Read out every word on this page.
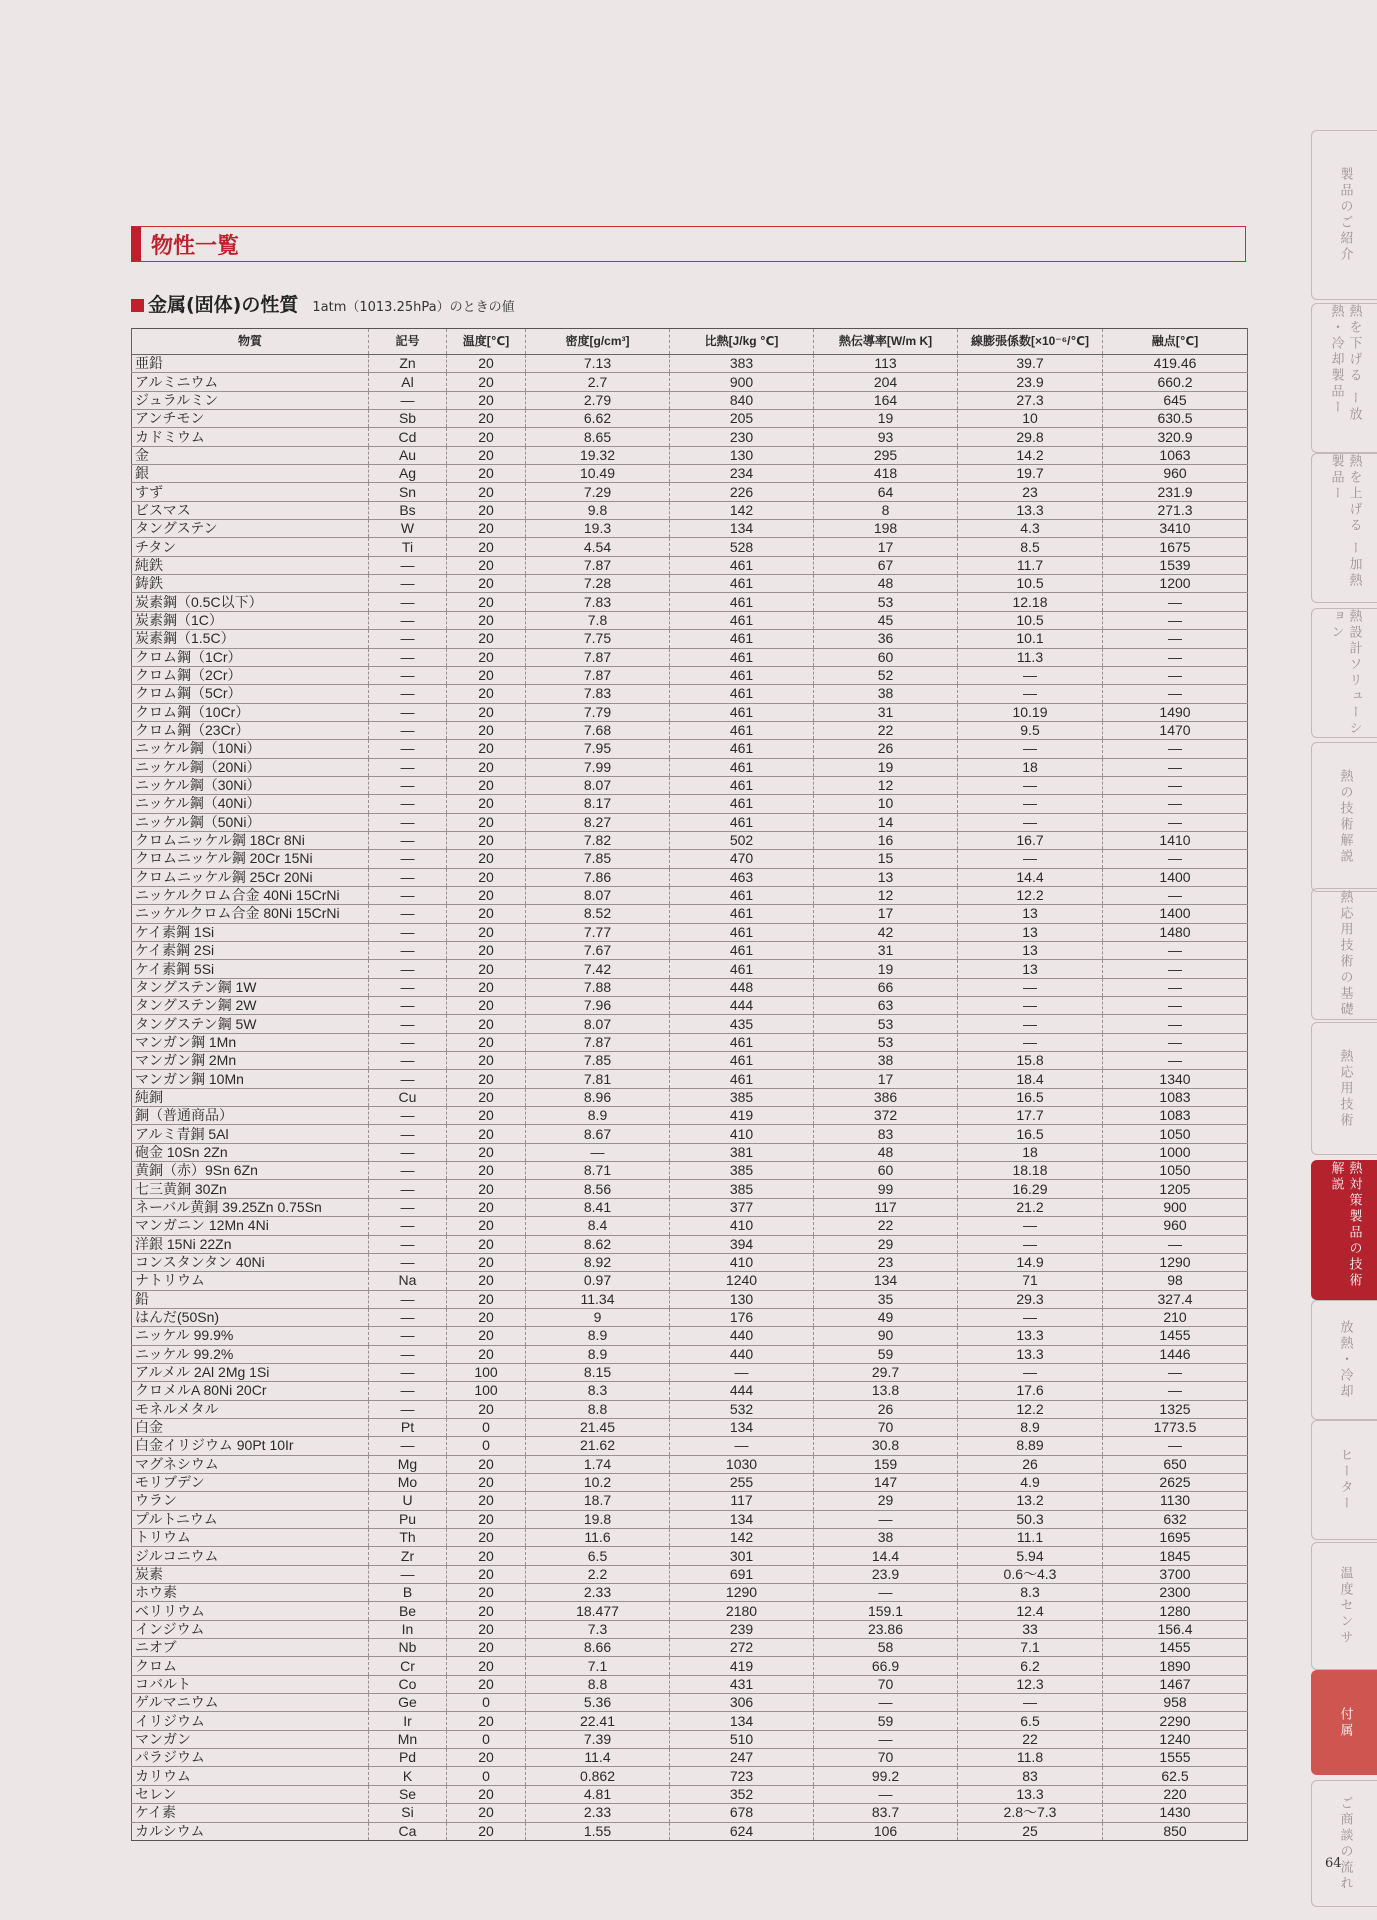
物性一覧
金属(固体)の性質 1atm（1013.25hPa）のときの値
物質	記号	温度[℃]	密度[g/cm³]	比熱[J/kg ℃]	熱伝導率[W/m K]	線膨張係数[×10⁻⁶/℃]	融点[℃]
亜鉛	Zn	20	7.13	383	113	39.7	419.46
アルミニウム	Al	20	2.7	900	204	23.9	660.2
ジュラルミン	—	20	2.79	840	164	27.3	645
アンチモン	Sb	20	6.62	205	19	10	630.5
カドミウム	Cd	20	8.65	230	93	29.8	320.9
金	Au	20	19.32	130	295	14.2	1063
銀	Ag	20	10.49	234	418	19.7	960
すず	Sn	20	7.29	226	64	23	231.9
ビスマス	Bs	20	9.8	142	8	13.3	271.3
タングステン	W	20	19.3	134	198	4.3	3410
チタン	Ti	20	4.54	528	17	8.5	1675
純鉄	—	20	7.87	461	67	11.7	1539
鋳鉄	—	20	7.28	461	48	10.5	1200
炭素鋼（0.5C以下）	—	20	7.83	461	53	12.18	—
炭素鋼（1C）	—	20	7.8	461	45	10.5	—
炭素鋼（1.5C）	—	20	7.75	461	36	10.1	—
クロム鋼（1Cr）	—	20	7.87	461	60	11.3	—
クロム鋼（2Cr）	—	20	7.87	461	52	—	—
クロム鋼（5Cr）	—	20	7.83	461	38	—	—
クロム鋼（10Cr）	—	20	7.79	461	31	10.19	1490
クロム鋼（23Cr）	—	20	7.68	461	22	9.5	1470
ニッケル鋼（10Ni）	—	20	7.95	461	26	—	—
ニッケル鋼（20Ni）	—	20	7.99	461	19	18	—
ニッケル鋼（30Ni）	—	20	8.07	461	12	—	—
ニッケル鋼（40Ni）	—	20	8.17	461	10	—	—
ニッケル鋼（50Ni）	—	20	8.27	461	14	—	—
クロムニッケル鋼 18Cr 8Ni	—	20	7.82	502	16	16.7	1410
クロムニッケル鋼 20Cr 15Ni	—	20	7.85	470	15	—	—
クロムニッケル鋼 25Cr 20Ni	—	20	7.86	463	13	14.4	1400
ニッケルクロム合金 40Ni 15CrNi	—	20	8.07	461	12	12.2	—
ニッケルクロム合金 80Ni 15CrNi	—	20	8.52	461	17	13	1400
ケイ素鋼 1Si	—	20	7.77	461	42	13	1480
ケイ素鋼 2Si	—	20	7.67	461	31	13	—
ケイ素鋼 5Si	—	20	7.42	461	19	13	—
タングステン鋼 1W	—	20	7.88	448	66	—	—
タングステン鋼 2W	—	20	7.96	444	63	—	—
タングステン鋼 5W	—	20	8.07	435	53	—	—
マンガン鋼 1Mn	—	20	7.87	461	53	—	—
マンガン鋼 2Mn	—	20	7.85	461	38	15.8	—
マンガン鋼 10Mn	—	20	7.81	461	17	18.4	1340
純銅	Cu	20	8.96	385	386	16.5	1083
銅（普通商品）	—	20	8.9	419	372	17.7	1083
アルミ青銅 5Al	—	20	8.67	410	83	16.5	1050
砲金 10Sn 2Zn	—	20	—	381	48	18	1000
黄銅（赤）9Sn 6Zn	—	20	8.71	385	60	18.18	1050
七三黄銅 30Zn	—	20	8.56	385	99	16.29	1205
ネーバル黄銅 39.25Zn 0.75Sn	—	20	8.41	377	117	21.2	900
マンガニン 12Mn 4Ni	—	20	8.4	410	22	—	960
洋銀 15Ni 22Zn	—	20	8.62	394	29	—	—
コンスタンタン 40Ni	—	20	8.92	410	23	14.9	1290
ナトリウム	Na	20	0.97	1240	134	71	98
鉛	—	20	11.34	130	35	29.3	327.4
はんだ(50Sn)	—	20	9	176	49	—	210
ニッケル 99.9%	—	20	8.9	440	90	13.3	1455
ニッケル 99.2%	—	20	8.9	440	59	13.3	1446
アルメル 2Al 2Mg 1Si	—	100	8.15	—	29.7	—	—
クロメルA 80Ni 20Cr	—	100	8.3	444	13.8	17.6	—
モネルメタル	—	20	8.8	532	26	12.2	1325
白金	Pt	0	21.45	134	70	8.9	1773.5
白金イリジウム 90Pt 10Ir	—	0	21.62	—	30.8	8.89	—
マグネシウム	Mg	20	1.74	1030	159	26	650
モリブデン	Mo	20	10.2	255	147	4.9	2625
ウラン	U	20	18.7	117	29	13.2	1130
プルトニウム	Pu	20	19.8	134	—	50.3	632
トリウム	Th	20	11.6	142	38	11.1	1695
ジルコニウム	Zr	20	6.5	301	14.4	5.94	1845
炭素	—	20	2.2	691	23.9	0.6～4.3	3700
ホウ素	B	20	2.33	1290	—	8.3	2300
ベリリウム	Be	20	18.477	2180	159.1	12.4	1280
インジウム	In	20	7.3	239	23.86	33	156.4
ニオブ	Nb	20	8.66	272	58	7.1	1455
クロム	Cr	20	7.1	419	66.9	6.2	1890
コバルト	Co	20	8.8	431	70	12.3	1467
ゲルマニウム	Ge	0	5.36	306	—	—	958
イリジウム	Ir	20	22.41	134	59	6.5	2290
マンガン	Mn	0	7.39	510	—	22	1240
パラジウム	Pd	20	11.4	247	70	11.8	1555
カリウム	K	0	0.862	723	99.2	83	62.5
セレン	Se	20	4.81	352	—	13.3	220
ケイ素	Si	20	2.33	678	83.7	2.8～7.3	1430
カルシウム	Ca	20	1.55	624	106	25	850
製品のご紹介
熱を下げる ー放熱・冷却製品ー
熱を上げる ー加熱製品ー
熱設計ソリューション
熱の技術解説
熱応用技術の基礎
熱応用技術
熱対策製品の技術解説
放熱・冷却
ヒーター
温度センサ
付属
ご商談の流れ
64
